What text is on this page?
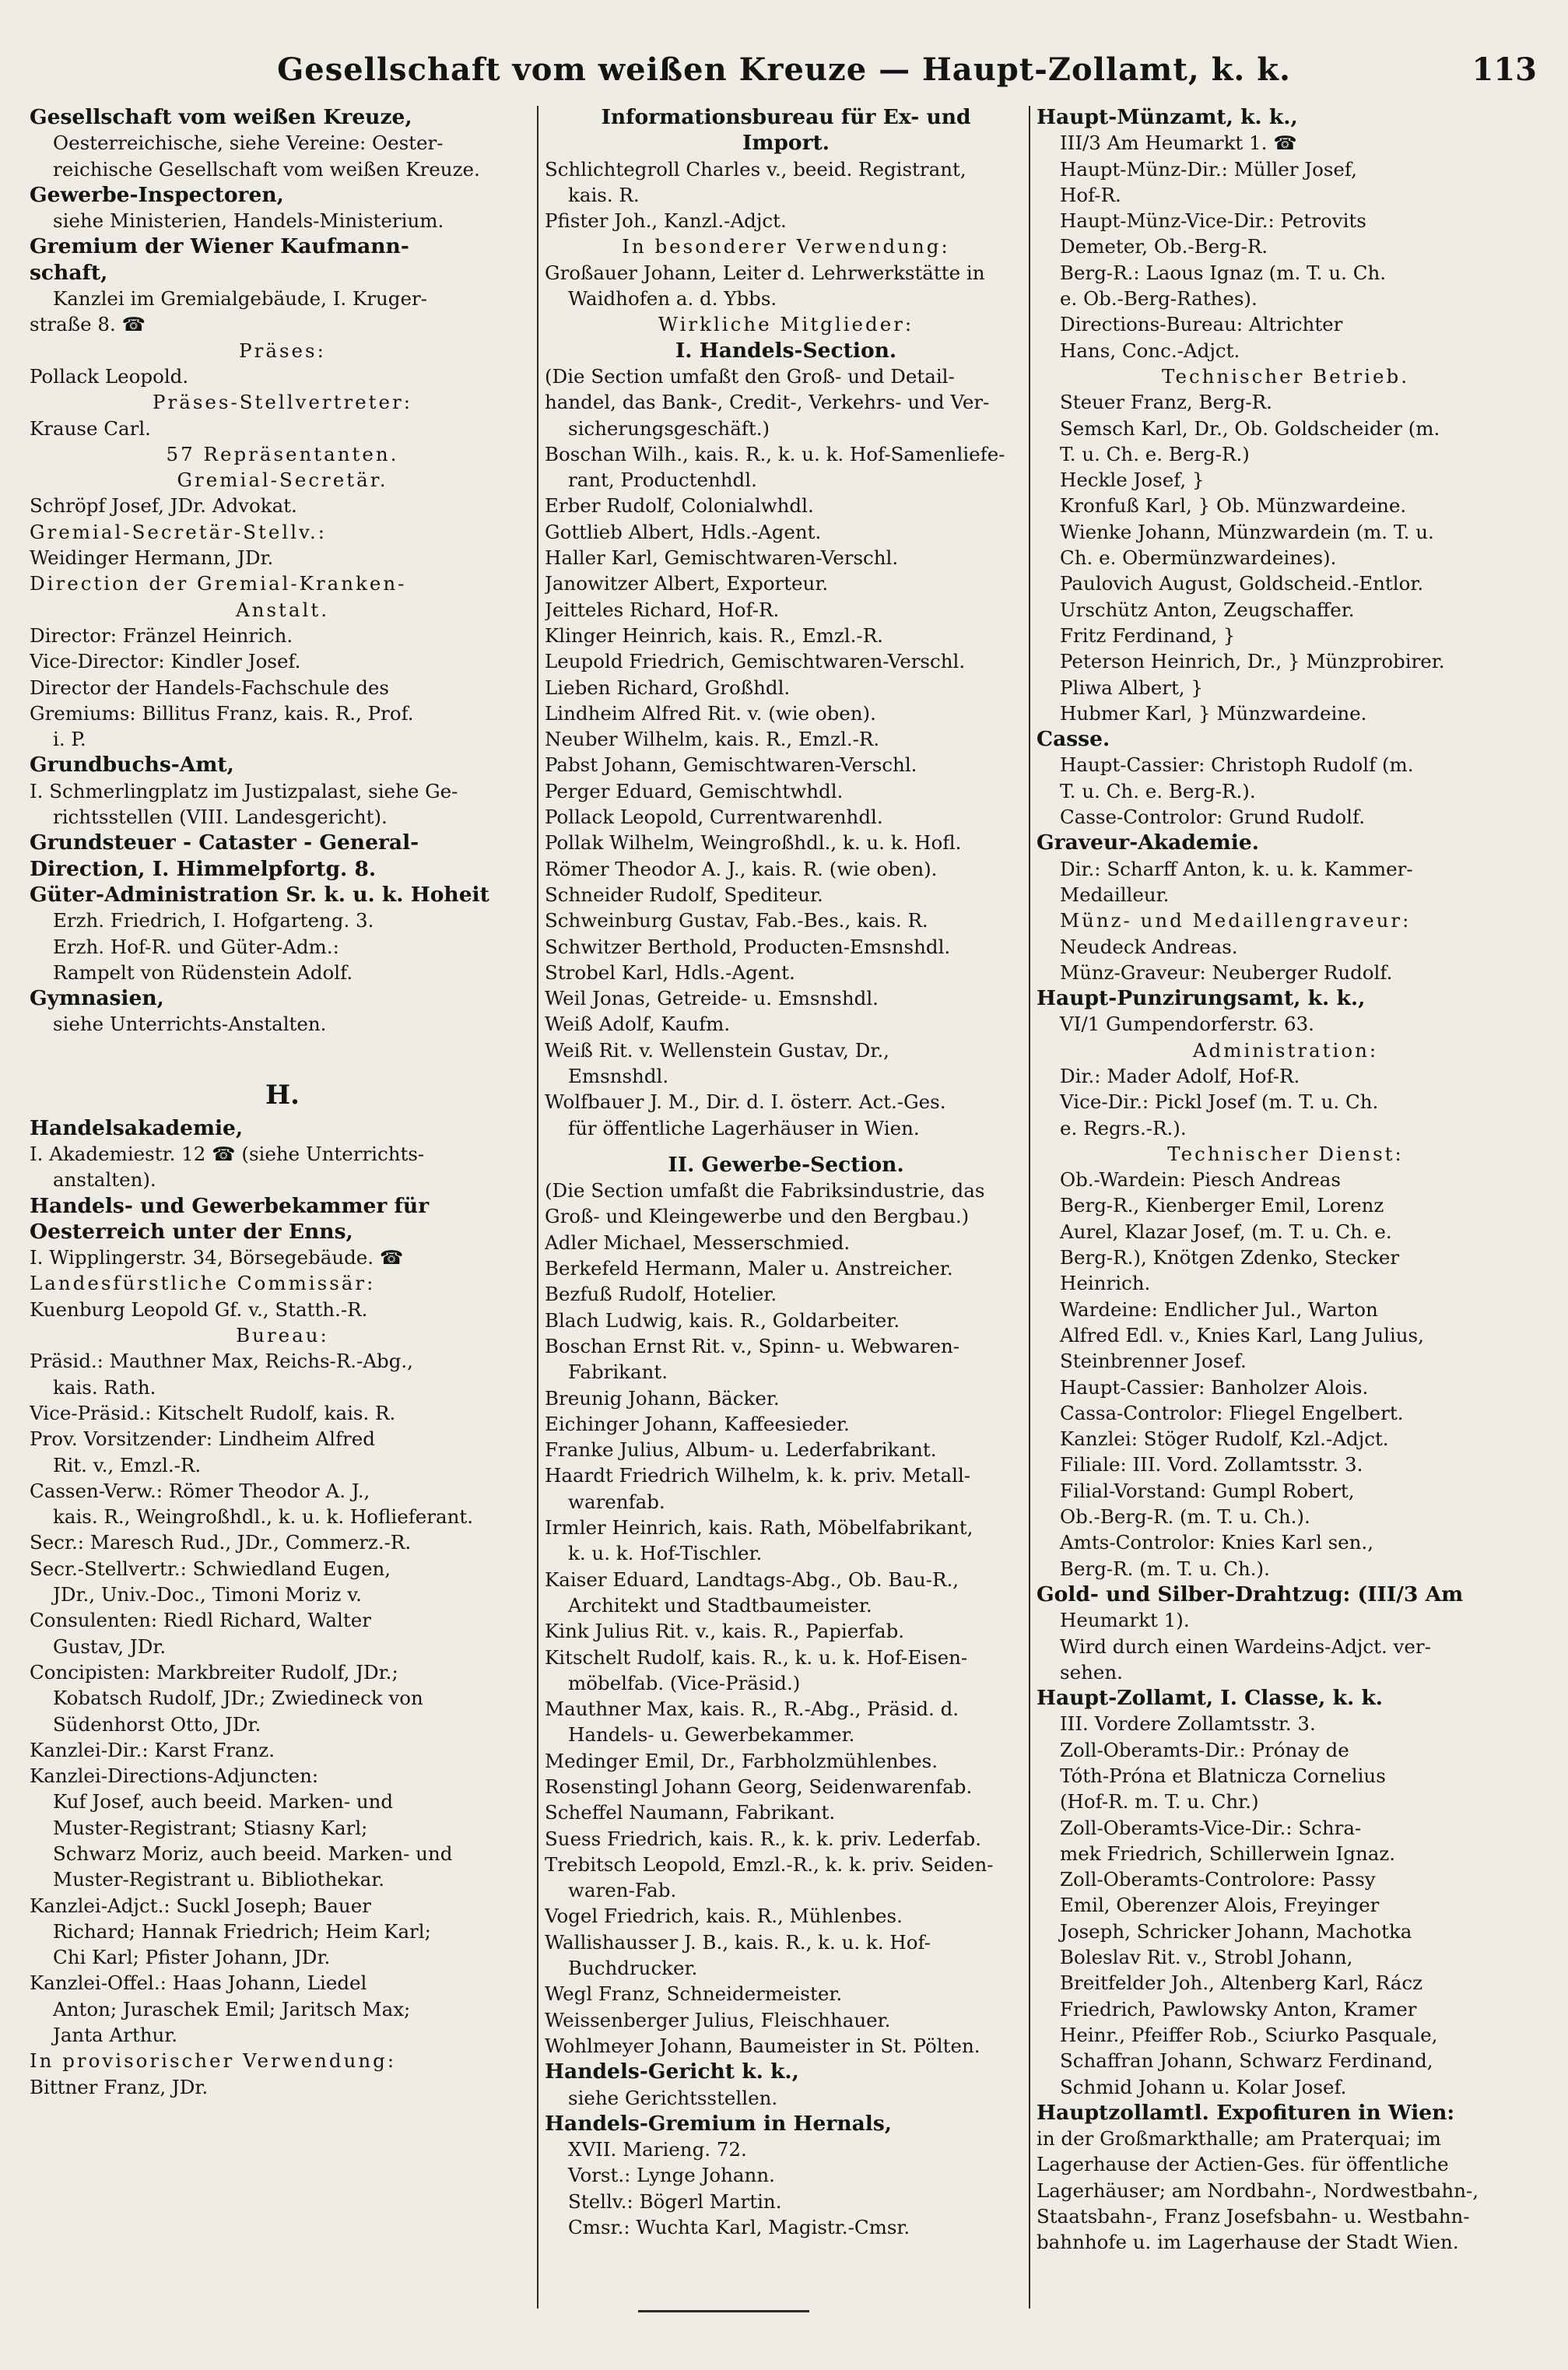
Gesellschaft vom weißen Kreuze — Haupt-Zollamt, k. k.	113
Gesellschaft vom weißen Kreuze,
Oesterreichische, siehe Vereine: Oester-
reichische Gesellschaft vom weißen Kreuze.
Gewerbe-Inspectoren,
siehe Ministerien, Handels-Ministerium.
Gremium der Wiener Kaufmann-
schaft,
Kanzlei im Gremialgebäude, I. Kruger-
straße 8. ☎
Präses:
Pollack Leopold.
Präses-Stellvertreter:
Krause Carl.
57 Repräsentanten.
Gremial-Secretär.
Schröpf Josef, JDr. Advokat.
Gremial-Secretär-Stellv.:
Weidinger Hermann, JDr.
Direction der Gremial-Kranken-
Anstalt.
Director: Fränzel Heinrich.
Vice-Director: Kindler Josef.
Director der Handels-Fachschule des
Gremiums: Billitus Franz, kais. R., Prof.
i. P.
Grundbuchs-Amt,
I. Schmerlingplatz im Justizpalast, siehe Ge-
richtsstellen (VIII. Landesgericht).
Grundsteuer - Cataster - General-
Direction, I. Himmelpfortg. 8.
Güter-Administration Sr. k. u. k. Hoheit
Erzh. Friedrich, I. Hofgarteng. 3.
Erzh. Hof-R. und Güter-Adm.:
Rampelt von Rüdenstein Adolf.
Gymnasien,
siehe Unterrichts-Anstalten.
H.
Handelsakademie,
I. Akademiestr. 12 ☎ (siehe Unterrichts-
anstalten).
Handels- und Gewerbekammer für
Oesterreich unter der Enns,
I. Wipplingerstr. 34, Börsegebäude. ☎
Landesfürstliche Commissär:
Kuenburg Leopold Gf. v., Statth.-R.
Bureau:
Präsid.: Mauthner Max, Reichs-R.-Abg.,
kais. Rath.
Vice-Präsid.: Kitschelt Rudolf, kais. R.
Prov. Vorsitzender: Lindheim Alfred
Rit. v., Emzl.-R.
Cassen-Verw.: Römer Theodor A. J.,
kais. R., Weingroßhdl., k. u. k. Hoflieferant.
Secr.: Maresch Rud., JDr., Commerz.-R.
Secr.-Stellvertr.: Schwiedland Eugen,
JDr., Univ.-Doc., Timoni Moriz v.
Consulenten: Riedl Richard, Walter
Gustav, JDr.
Concipisten: Markbreiter Rudolf, JDr.;
Kobatsch Rudolf, JDr.; Zwiedineck von
Südenhorst Otto, JDr.
Kanzlei-Dir.: Karst Franz.
Kanzlei-Directions-Adjuncten:
Kuf Josef, auch beeid. Marken- und
Muster-Registrant; Stiasny Karl;
Schwarz Moriz, auch beeid. Marken- und
Muster-Registrant u. Bibliothekar.
Kanzlei-Adjct.: Suckl Joseph; Bauer
Richard; Hannak Friedrich; Heim Karl;
Chi Karl; Pfister Johann, JDr.
Kanzlei-Offel.: Haas Johann, Liedel
Anton; Juraschek Emil; Jaritsch Max;
Janta Arthur.
In provisorischer Verwendung:
Bittner Franz, JDr.
Informationsbureau für Ex- und
Import.
Schlichtegroll Charles v., beeid. Registrant,
kais. R.
Pfister Joh., Kanzl.-Adjct.
In besonderer Verwendung:
Großauer Johann, Leiter d. Lehrwerkstätte in
Waidhofen a. d. Ybbs.
Wirkliche Mitglieder:
I. Handels-Section.
(Die Section umfaßt den Groß- und Detail-
handel, das Bank-, Credit-, Verkehrs- und Ver-
sicherungsgeschäft.)
Boschan Wilh., kais. R., k. u. k. Hof-Samenliefe-
rant, Productenhdl.
Erber Rudolf, Colonialwhdl.
Gottlieb Albert, Hdls.-Agent.
Haller Karl, Gemischtwaren-Verschl.
Janowitzer Albert, Exporteur.
Jeitteles Richard, Hof-R.
Klinger Heinrich, kais. R., Emzl.-R.
Leupold Friedrich, Gemischtwaren-Verschl.
Lieben Richard, Großhdl.
Lindheim Alfred Rit. v. (wie oben).
Neuber Wilhelm, kais. R., Emzl.-R.
Pabst Johann, Gemischtwaren-Verschl.
Perger Eduard, Gemischtwhdl.
Pollack Leopold, Currentwarenhdl.
Pollak Wilhelm, Weingroßhdl., k. u. k. Hofl.
Römer Theodor A. J., kais. R. (wie oben).
Schneider Rudolf, Spediteur.
Schweinburg Gustav, Fab.-Bes., kais. R.
Schwitzer Berthold, Producten-Emsnshdl.
Strobel Karl, Hdls.-Agent.
Weil Jonas, Getreide- u. Emsnshdl.
Weiß Adolf, Kaufm.
Weiß Rit. v. Wellenstein Gustav, Dr.,
Emsnshdl.
Wolfbauer J. M., Dir. d. I. österr. Act.-Ges.
für öffentliche Lagerhäuser in Wien.
II. Gewerbe-Section.
(Die Section umfaßt die Fabriksindustrie, das
Groß- und Kleingewerbe und den Bergbau.)
Adler Michael, Messerschmied.
Berkefeld Hermann, Maler u. Anstreicher.
Bezfuß Rudolf, Hotelier.
Blach Ludwig, kais. R., Goldarbeiter.
Boschan Ernst Rit. v., Spinn- u. Webwaren-
Fabrikant.
Breunig Johann, Bäcker.
Eichinger Johann, Kaffeesieder.
Franke Julius, Album- u. Lederfabrikant.
Haardt Friedrich Wilhelm, k. k. priv. Metall-
warenfab.
Irmler Heinrich, kais. Rath, Möbelfabrikant,
k. u. k. Hof-Tischler.
Kaiser Eduard, Landtags-Abg., Ob. Bau-R.,
Architekt und Stadtbaumeister.
Kink Julius Rit. v., kais. R., Papierfab.
Kitschelt Rudolf, kais. R., k. u. k. Hof-Eisen-
möbelfab. (Vice-Präsid.)
Mauthner Max, kais. R., R.-Abg., Präsid. d.
Handels- u. Gewerbekammer.
Medinger Emil, Dr., Farbholzmühlenbes.
Rosenstingl Johann Georg, Seidenwarenfab.
Scheffel Naumann, Fabrikant.
Suess Friedrich, kais. R., k. k. priv. Lederfab.
Trebitsch Leopold, Emzl.-R., k. k. priv. Seiden-
waren-Fab.
Vogel Friedrich, kais. R., Mühlenbes.
Wallishausser J. B., kais. R., k. u. k. Hof-
Buchdrucker.
Wegl Franz, Schneidermeister.
Weissenberger Julius, Fleischhauer.
Wohlmeyer Johann, Baumeister in St. Pölten.
Handels-Gericht k. k.,
siehe Gerichtsstellen.
Handels-Gremium in Hernals,
XVII. Marieng. 72.
Vorst.: Lynge Johann.
Stellv.: Bögerl Martin.
Cmsr.: Wuchta Karl, Magistr.-Cmsr.
Haupt-Münzamt, k. k.,
III/3 Am Heumarkt 1. ☎
Haupt-Münz-Dir.: Müller Josef,
Hof-R.
Haupt-Münz-Vice-Dir.: Petrovits
Demeter, Ob.-Berg-R.
Berg-R.: Laous Ignaz (m. T. u. Ch.
e. Ob.-Berg-Rathes).
Directions-Bureau: Altrichter
Hans, Conc.-Adjct.
Technischer Betrieb.
Steuer Franz, Berg-R.
Semsch Karl, Dr., Ob. Goldscheider (m.
T. u. Ch. e. Berg-R.)
Heckle Josef, }
Kronfuß Karl, } Ob. Münzwardeine.
Wienke Johann, Münzwardein (m. T. u.
Ch. e. Obermünzwardeines).
Paulovich August, Goldscheid.-Entlor.
Urschütz Anton, Zeugschaffer.
Fritz Ferdinand, }
Peterson Heinrich, Dr., } Münzprobirer.
Pliwa Albert, }
Hubmer Karl, } Münzwardeine.
Casse.
Haupt-Cassier: Christoph Rudolf (m.
T. u. Ch. e. Berg-R.).
Casse-Controlor: Grund Rudolf.
Graveur-Akademie.
Dir.: Scharff Anton, k. u. k. Kammer-
Medailleur.
Münz- und Medaillengraveur:
Neudeck Andreas.
Münz-Graveur: Neuberger Rudolf.
Haupt-Punzirungsamt, k. k.,
VI/1 Gumpendorferstr. 63.
Administration:
Dir.: Mader Adolf, Hof-R.
Vice-Dir.: Pickl Josef (m. T. u. Ch.
e. Regrs.-R.).
Technischer Dienst:
Ob.-Wardein: Piesch Andreas
Berg-R., Kienberger Emil, Lorenz
Aurel, Klazar Josef, (m. T. u. Ch. e.
Berg-R.), Knötgen Zdenko, Stecker
Heinrich.
Wardeine: Endlicher Jul., Warton
Alfred Edl. v., Knies Karl, Lang Julius,
Steinbrenner Josef.
Haupt-Cassier: Banholzer Alois.
Cassa-Controlor: Fliegel Engelbert.
Kanzlei: Stöger Rudolf, Kzl.-Adjct.
Filiale: III. Vord. Zollamtsstr. 3.
Filial-Vorstand: Gumpl Robert,
Ob.-Berg-R. (m. T. u. Ch.).
Amts-Controlor: Knies Karl sen.,
Berg-R. (m. T. u. Ch.).
Gold- und Silber-Drahtzug: (III/3 Am
Heumarkt 1).
Wird durch einen Wardeins-Adjct. ver-
sehen.
Haupt-Zollamt, I. Classe, k. k.
III. Vordere Zollamtsstr. 3.
Zoll-Oberamts-Dir.: Prónay de
Tóth-Próna et Blatnicza Cornelius
(Hof-R. m. T. u. Chr.)
Zoll-Oberamts-Vice-Dir.: Schra-
mek Friedrich, Schillerwein Ignaz.
Zoll-Oberamts-Controlore: Passy
Emil, Oberenzer Alois, Freyinger
Joseph, Schricker Johann, Machotka
Boleslav Rit. v., Strobl Johann,
Breitfelder Joh., Altenberg Karl, Rácz
Friedrich, Pawlowsky Anton, Kramer
Heinr., Pfeiffer Rob., Sciurko Pasquale,
Schaffran Johann, Schwarz Ferdinand,
Schmid Johann u. Kolar Josef.
Hauptzollamtl. Expofituren in Wien:
in der Großmarkthalle; am Praterquai; im
Lagerhause der Actien-Ges. für öffentliche
Lagerhäuser; am Nordbahn-, Nordwestbahn-,
Staatsbahn-, Franz Josefsbahn- u. Westbahn-
bahnhofe u. im Lagerhause der Stadt Wien.
